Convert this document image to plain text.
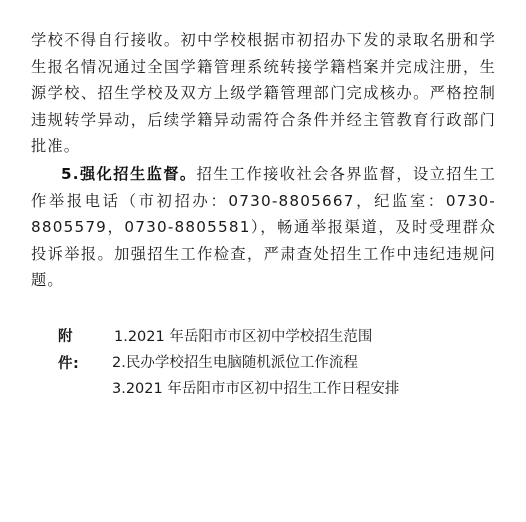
学校不得自行接收。初中学校根据市初招办下发的录取名册和学生报名情况通过全国学籍管理系统转接学籍档案并完成注册，生源学校、招生学校及双方上级学籍管理部门完成核办。严格控制违规转学异动，后续学籍异动需符合条件并经主管教育行政部门批准。

5.强化招生监督。招生工作接收社会各界监督，设立招生工作举报电话（市初招办：0730-8805667，纪监室：0730-8805579，0730-8805581），畅通举报渠道，及时受理群众投诉举报。加强招生工作检查，严肃查处招生工作中违纪违规问题。

附件:
1.2021 年岳阳市市区初中学校招生范围
2.民办学校招生电脑随机派位工作流程
3.2021 年岳阳市市区初中招生工作日程安排
